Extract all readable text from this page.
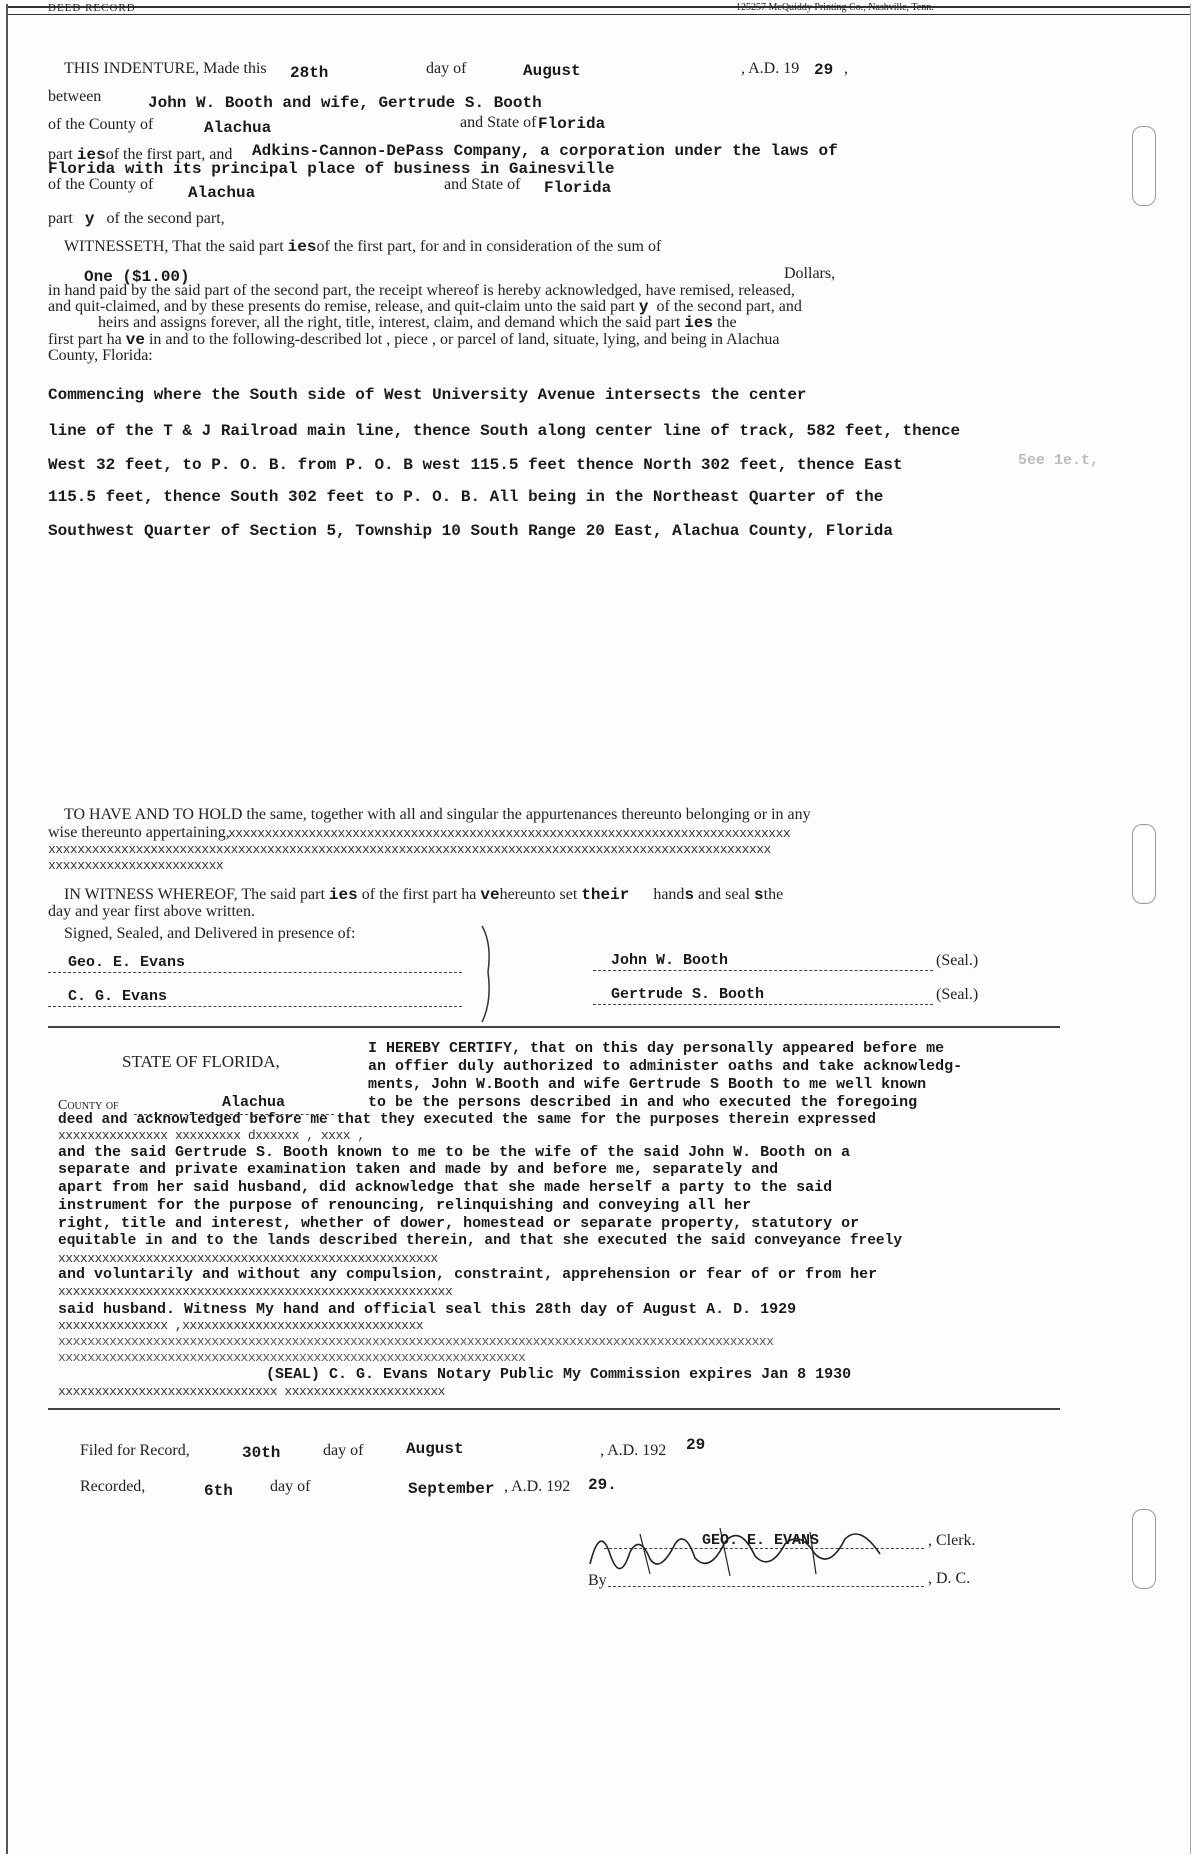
DEED RECORD	125257 McQuiddy Printing Co., Nashville, Tenn.
THIS INDENTURE, Made this 28th	day of	August	, A.D. 19 29 ,
between	John W. Booth and wife, Gertrude S. Booth
of the County of	Alachua	and State of Florida
part iesof the first part, and Adkins-Cannon-DePass Company, a corporation under the laws of
Florida with its principal place of business in Gainesville
of the County of Alachua	and State of Florida
part y of the second part,
WITNESSETH, That the said part iesof the first part, for and in consideration of the sum of
One ($1.00)	Dollars,
in hand paid by the said part of the second part, the receipt whereof is hereby acknowledged, have remised, released,
and quit-claimed, and by these presents do remise, release, and quit-claim unto the said part y of the second part, and
heirs and assigns forever, all the right, title, interest, claim, and demand which the said part ies the
first part ha ve in and to the following-described lot , piece , or parcel of land, situate, lying, and being in Alachua
County, Florida:
Commencing where the South side of West University Avenue intersects the center
line of the T & J Railroad main line, thence South along center line of track, 582 feet, thence
West 32 feet, to P. O. B. from P. O. B west 115.5 feet thence North 302 feet, thence East
115.5 feet, thence South 302 feet to P. O. B. All being in the Northeast Quarter of the
Southwest Quarter of Section 5, Township 10 South Range 20 East, Alachua County, Florida
5ee 1e.t,
TO HAVE AND TO HOLD the same, together with all and singular the appurtenances thereunto belonging or in any
wise thereunto appertaining,
xxxxxxxxxxxxxxxxxxxxxxxxxxxxxxxxxxxxxxxxxxxxxxxxxxxxxxxxxxxxxxxxxxxxxxxxxxxxx
xxxxxxxxxxxxxxxxxxxxxxxxxxxxxxxxxxxxxxxxxxxxxxxxxxxxxxxxxxxxxxxxxxxxxxxxxxxxxxxxxxxxxxxxxxxxxxxxxxx
xxxxxxxxxxxxxxxxxxxxxxxx
IN WITNESS WHEREOF, The said part ies of the first part ha vehereunto set their hands and seal sthe
day and year first above written.
Signed, Sealed, and Delivered in presence of:
Geo. E. Evans
C. G. Evans
John W. Booth	(Seal.)
Gertrude S. Booth	(Seal.)
STATE OF FLORIDA,
County of	Alachua
I HEREBY CERTIFY, that on this day personally appeared before me
an offier duly authorized to administer oaths and take acknowledg-
ments, John W.Booth and wife Gertrude S Booth to me well known
to be the persons described in and who executed the foregoing
deed and acknowledged before me that they executed the same for the purposes therein expressed
xxxxxxxxxxxxxxx xxxxxxxxx dxxxxxx , xxxx ,
and the said Gertrude S. Booth known to me to be the wife of the said John W. Booth on a
separate and private examination taken and made by and before me, separately and
apart from her said husband, did acknowledge that she made herself a party to the said
instrument for the purpose of renouncing, relinquishing and conveying all her
right, title and interest, whether of dower, homestead or separate property, statutory or
equitable in and to the lands described therein, and that she executed the said conveyance freely
xxxxxxxxxxxxxxxxxxxxxxxxxxxxxxxxxxxxxxxxxxxxxxxxxxxx
and voluntarily and without any compulsion, constraint, apprehension or fear of or from her
xxxxxxxxxxxxxxxxxxxxxxxxxxxxxxxxxxxxxxxxxxxxxxxxxxxxxx
said husband. Witness My hand and official seal this 28th day of August A. D. 1929
xxxxxxxxxxxxxxx ,xxxxxxxxxxxxxxxxxxxxxxxxxxxxxxxxx
xxxxxxxxxxxxxxxxxxxxxxxxxxxxxxxxxxxxxxxxxxxxxxxxxxxxxxxxxxxxxxxxxxxxxxxxxxxxxxxxxxxxxxxxxxxxxxxxxx
xxxxxxxxxxxxxxxxxxxxxxxxxxxxxxxxxxxxxxxxxxxxxxxxxxxxxxxxxxxxxxxx
(SEAL) C. G. Evans Notary Public My Commission expires Jan 8 1930
xxxxxxxxxxxxxxxxxxxxxxxxxxxxxx xxxxxxxxxxxxxxxxxxxxxx
Filed for Record,	30th	day of	August	, A.D. 192 29
Recorded,	6th day of	September , A.D. 192 29.
GEO. E. EVANS	, Clerk.
By	, D. C.
